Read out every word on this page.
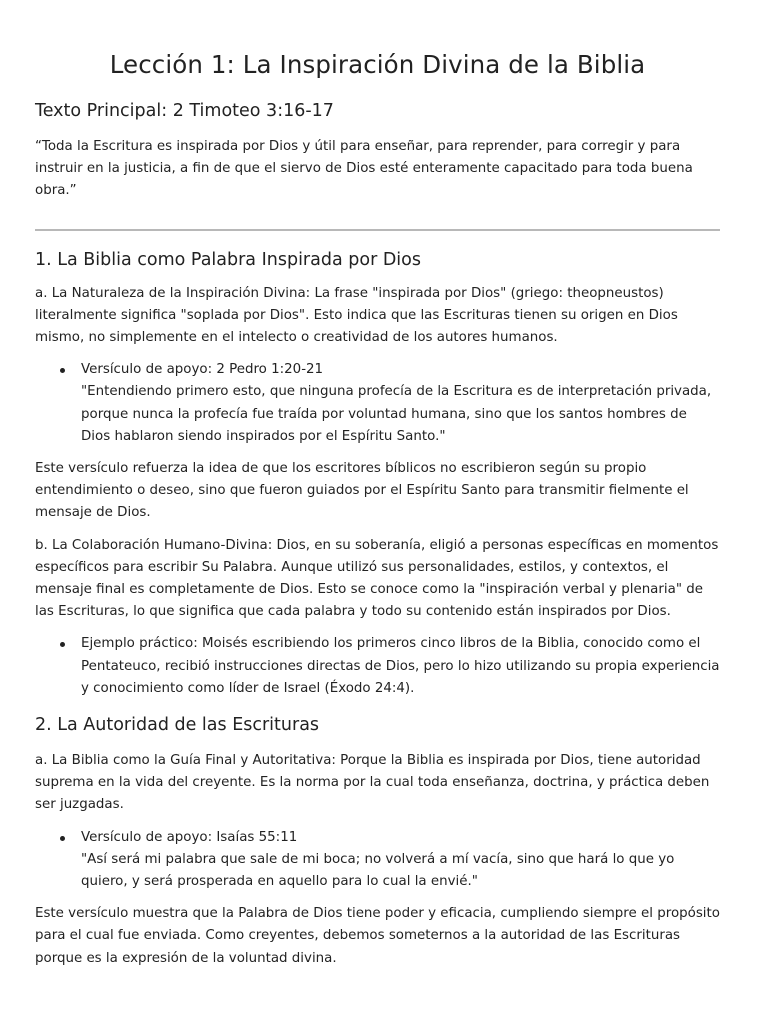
Lección 1: La Inspiración Divina de la Biblia
Texto Principal: 2 Timoteo 3:16-17

“Toda la Escritura es inspirada por Dios y útil para enseñar, para reprender, para corregir y para instruir en la justicia, a fin de que el siervo de Dios esté enteramente capacitado para toda buena obra.”

1. La Biblia como Palabra Inspirada por Dios

a. La Naturaleza de la Inspiración Divina: La frase "inspirada por Dios" (griego: theopneustos) literalmente significa "soplada por Dios". Esto indica que las Escrituras tienen su origen en Dios mismo, no simplemente en el intelecto o creatividad de los autores humanos.

Versículo de apoyo: 2 Pedro 1:20-21
"Entendiendo primero esto, que ninguna profecía de la Escritura es de interpretación privada, porque nunca la profecía fue traída por voluntad humana, sino que los santos hombres de Dios hablaron siendo inspirados por el Espíritu Santo."

Este versículo refuerza la idea de que los escritores bíblicos no escribieron según su propio entendimiento o deseo, sino que fueron guiados por el Espíritu Santo para transmitir fielmente el mensaje de Dios.

b. La Colaboración Humano-Divina: Dios, en su soberanía, eligió a personas específicas en momentos específicos para escribir Su Palabra. Aunque utilizó sus personalidades, estilos, y contextos, el mensaje final es completamente de Dios. Esto se conoce como la "inspiración verbal y plenaria" de las Escrituras, lo que significa que cada palabra y todo su contenido están inspirados por Dios.

Ejemplo práctico: Moisés escribiendo los primeros cinco libros de la Biblia, conocido como el Pentateuco, recibió instrucciones directas de Dios, pero lo hizo utilizando su propia experiencia y conocimiento como líder de Israel (Éxodo 24:4).
2. La Autoridad de las Escrituras

a. La Biblia como la Guía Final y Autoritativa: Porque la Biblia es inspirada por Dios, tiene autoridad suprema en la vida del creyente. Es la norma por la cual toda enseñanza, doctrina, y práctica deben ser juzgadas.

Versículo de apoyo: Isaías 55:11
"Así será mi palabra que sale de mi boca; no volverá a mí vacía, sino que hará lo que yo quiero, y será prosperada en aquello para lo cual la envié."

Este versículo muestra que la Palabra de Dios tiene poder y eficacia, cumpliendo siempre el propósito para el cual fue enviada. Como creyentes, debemos someternos a la autoridad de las Escrituras porque es la expresión de la voluntad divina.
